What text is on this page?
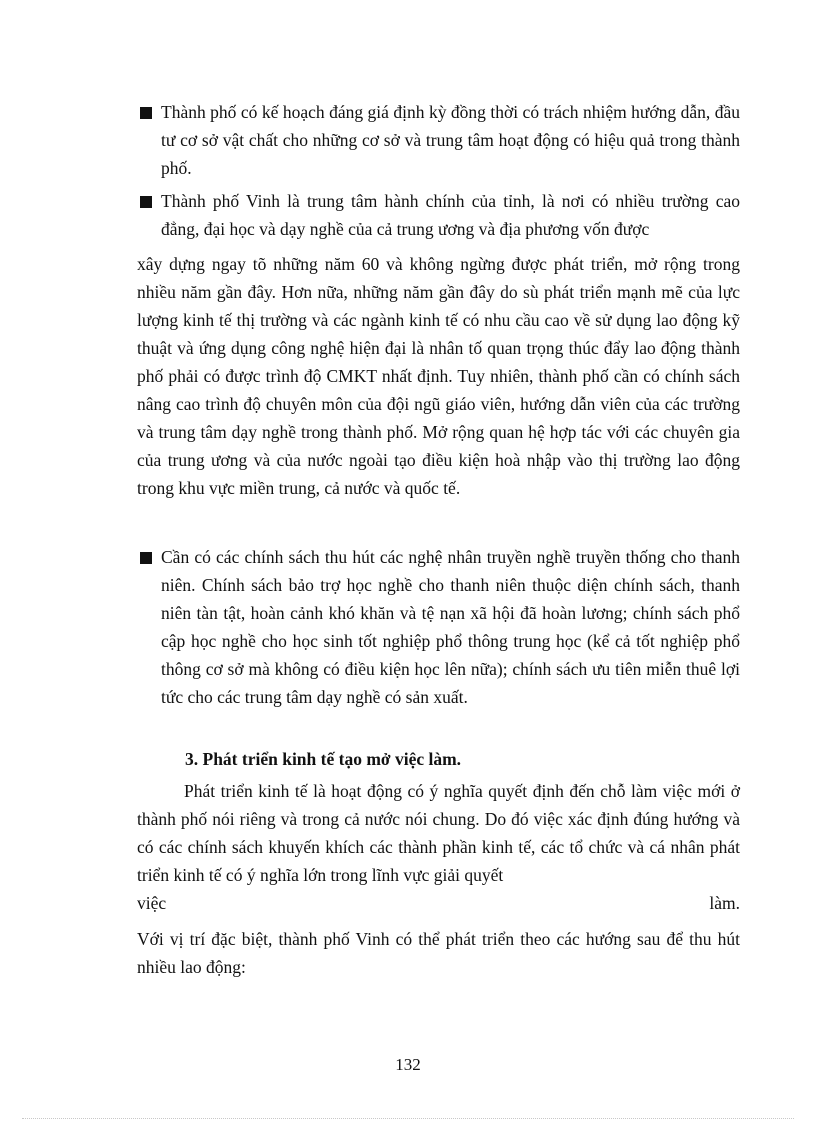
Thành phố có kế hoạch đáng giá định kỳ đồng thời có trách nhiệm hướng dẫn, đầu tư cơ sở vật chất cho những cơ sở và trung tâm hoạt động có hiệu quả trong thành phố.
Thành phố Vinh là trung tâm hành chính của tỉnh, là nơi có nhiều trường cao đẳng, đại học và dạy nghề của cả trung ương và địa phương vốn được

xây dựng ngay tõ những năm 60 và không ngừng được phát triển, mở rộng trong nhiều năm gần đây. Hơn nữa, những năm gần đây do sù phát triển mạnh mẽ của lực lượng kinh tế thị trường và các ngành kinh tế có nhu cầu cao về sử dụng lao động kỹ thuật và ứng dụng công nghệ hiện đại là nhân tố quan trọng thúc đẩy lao động thành phố phải có được trình độ CMKT nhất định. Tuy nhiên, thành phố cần có chính sách nâng cao trình độ chuyên môn của đội ngũ giáo viên, hướng dẫn viên của các trường và trung tâm dạy nghề trong thành phố. Mở rộng quan hệ hợp tác với các chuyên gia của trung ương và của nước ngoài tạo điều kiện hoà nhập vào thị trường lao động trong khu vực miền trung, cả nước và quốc tế.

Cần có các chính sách thu hút các nghệ nhân truyền nghề truyền thống cho thanh niên. Chính sách bảo trợ học nghề cho thanh niên thuộc diện chính sách, thanh niên tàn tật, hoàn cảnh khó khăn và tệ nạn xã hội đã hoàn lương; chính sách phổ cập học nghề cho học sinh tốt nghiệp phổ thông trung học (kể cả tốt nghiệp phổ thông cơ sở mà không có điều kiện học lên nữa); chính sách ưu tiên miễn thuê lợi tức cho các trung tâm dạy nghề có sản xuất.
3. Phát triển kinh tế tạo mở việc làm.

Phát triển kinh tế là hoạt động có ý nghĩa quyết định đến chỗ làm việc mới ở thành phố nói riêng và trong cả nước nói chung. Do đó việc xác định đúng hướng và có các chính sách khuyến khích các thành phần kinh tế, các tổ chức và cá nhân phát triển kinh tế có ý nghĩa lớn trong lĩnh vực giải quyết

việc	làm.

Với vị trí đặc biệt, thành phố Vinh có thể phát triển theo các hướng sau để thu hút nhiều lao động:

132
